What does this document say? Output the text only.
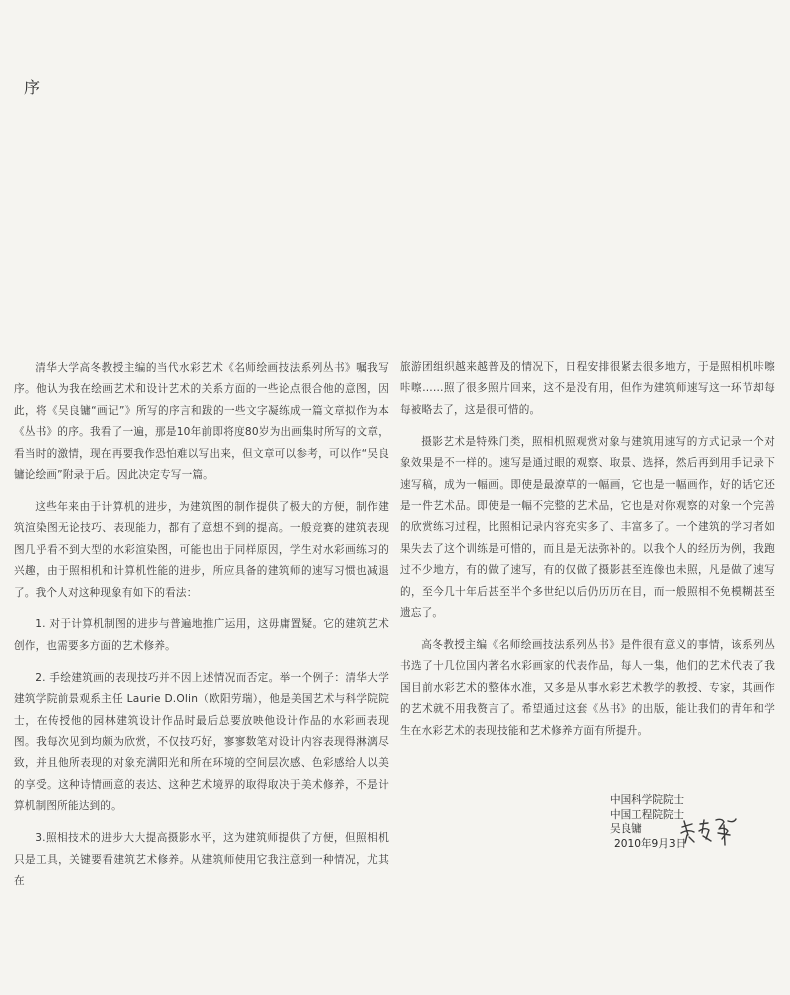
序

清华大学高冬教授主编的当代水彩艺术《名师绘画技法系列丛书》嘱我写序。他认为我在绘画艺术和设计艺术的关系方面的一些论点很合他的意图，因此，将《吴良镛“画记”》所写的序言和跋的一些文字凝练成一篇文章拟作为本《丛书》的序。我看了一遍，那是10年前即将度80岁为出画集时所写的文章，看当时的激情，现在再要我作恐怕难以写出来，但文章可以参考，可以作“吴良镛论绘画”附录于后。因此决定专写一篇。

这些年来由于计算机的进步，为建筑图的制作提供了极大的方便，制作建筑渲染图无论技巧、表现能力，都有了意想不到的提高。一般竞赛的建筑表现图几乎看不到大型的水彩渲染图，可能也出于同样原因，学生对水彩画练习的兴趣，由于照相机和计算机性能的进步，所应具备的建筑师的速写习惯也减退了。我个人对这种现象有如下的看法：

1. 对于计算机制图的进步与普遍地推广运用，这毋庸置疑。它的建筑艺术创作，也需要多方面的艺术修养。

2. 手绘建筑画的表现技巧并不因上述情况而否定。举一个例子：清华大学建筑学院前景观系主任 Laurie D.Olin（欧阳劳瑞），他是美国艺术与科学院院士，在传授他的园林建筑设计作品时最后总要放映他设计作品的水彩画表现图。我每次见到均颇为欣赏，不仅技巧好，寥寥数笔对设计内容表现得淋漓尽致，并且他所表现的对象充满阳光和所在环境的空间层次感、色彩感给人以美的享受。这种诗情画意的表达、这种艺术境界的取得取决于美术修养，不是计算机制图所能达到的。

3.照相技术的进步大大提高摄影水平，这为建筑师提供了方便，但照相机只是工具，关键要看建筑艺术修养。从建筑师使用它我注意到一种情况，尤其在

旅游团组织越来越普及的情况下，日程安排很紧去很多地方，于是照相机咔嚓咔嚓……照了很多照片回来，这不是没有用，但作为建筑师速写这一环节却每每被略去了，这是很可惜的。

摄影艺术是特殊门类，照相机照观赏对象与建筑用速写的方式记录一个对象效果是不一样的。速写是通过眼的观察、取景、选择，然后再到用手记录下速写稿，成为一幅画。即使是最潦草的一幅画，它也是一幅画作，好的话它还是一件艺术品。即使是一幅不完整的艺术品，它也是对你观察的对象一个完善的欣赏练习过程，比照相记录内容充实多了、丰富多了。一个建筑的学习者如果失去了这个训练是可惜的，而且是无法弥补的。以我个人的经历为例，我跑过不少地方，有的做了速写，有的仅做了摄影甚至连像也未照，凡是做了速写的，至今几十年后甚至半个多世纪以后仍历历在目，而一般照相不免模糊甚至遗忘了。

高冬教授主编《名师绘画技法系列丛书》是件很有意义的事情，该系列丛书选了十几位国内著名水彩画家的代表作品，每人一集，他们的艺术代表了我国目前水彩艺术的整体水准，又多是从事水彩艺术教学的教授、专家，其画作的艺术就不用我赘言了。希望通过这套《丛书》的出版，能让我们的青年和学生在水彩艺术的表现技能和艺术修养方面有所提升。

中国科学院院士
中国工程院院士
吴良镛
2010年9月3日
